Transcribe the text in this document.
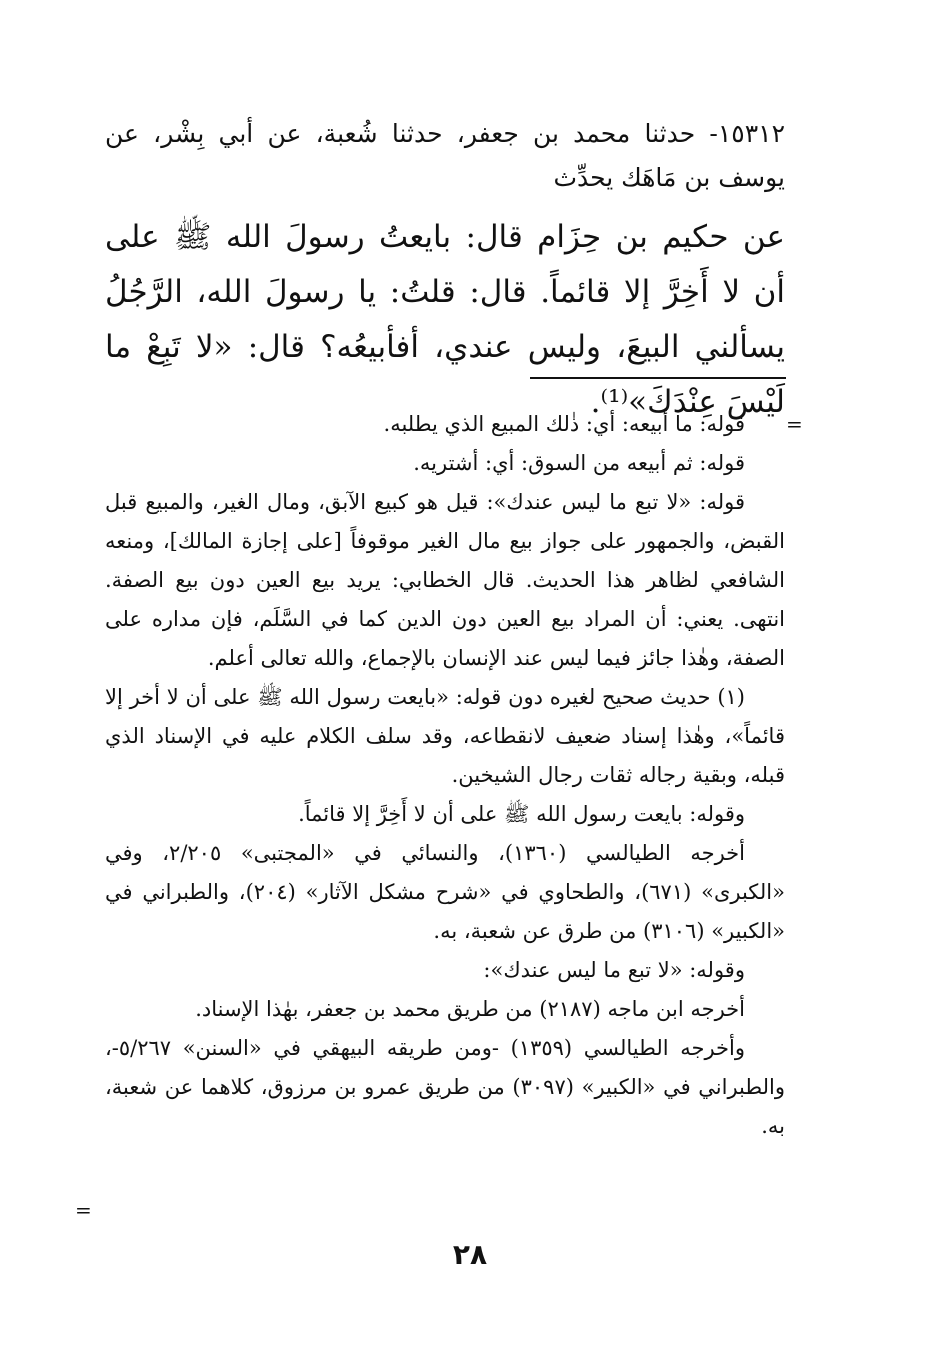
١٥٣١٢- حدثنا محمد بن جعفر، حدثنا شُعبة، عن أبي بِشْر، عن يوسف بن مَاهَك يحدِّث

عن حكيم بن حِزَام قال: بايعتُ رسولَ الله ﷺ على أن لا أَخِرَّ إلا قائماً. قال: قلتُ: يا رسولَ الله، الرَّجُلُ يسألني البيعَ، وليس عندي، أفأبيعُه؟ قال: «لا تَبِعْ ما لَيْسَ عِنْدَكَ»⁽¹⁾.

=

قوله: ما أبيعه: أي: ذٰلك المبيع الذي يطلبه.

قوله: ثم أبيعه من السوق: أي: أشتريه.

قوله: «لا تبع ما ليس عندك»: قيل هو كبيع الآبق، ومال الغير، والمبيع قبل القبض، والجمهور على جواز بيع مال الغير موقوفاً [على إجازة المالك]، ومنعه الشافعي لظاهر هذا الحديث. قال الخطابي: يريد بيع العين دون بيع الصفة. انتهى. يعني: أن المراد بيع العين دون الدين كما في السَّلَم، فإن مداره على الصفة، وهٰذا جائز فيما ليس عند الإنسان بالإجماع، والله تعالى أعلم.

(١) حديث صحيح لغيره دون قوله: «بايعت رسول الله ﷺ على أن لا أخر إلا قائماً»، وهٰذا إسناد ضعيف لانقطاعه، وقد سلف الكلام عليه في الإسناد الذي قبله، وبقية رجاله ثقات رجال الشيخين.

وقوله: بايعت رسول الله ﷺ على أن لا أَخِرَّ إلا قائماً.

أخرجه الطيالسي (١٣٦٠)، والنسائي في «المجتبى» ٢/٢٠٥، وفي «الكبرى» (٦٧١)، والطحاوي في «شرح مشكل الآثار» (٢٠٤)، والطبراني في «الكبير» (٣١٠٦) من طرق عن شعبة، به.

وقوله: «لا تبع ما ليس عندك»:

أخرجه ابن ماجه (٢١٨٧) من طريق محمد بن جعفر، بهٰذا الإسناد.

وأخرجه الطيالسي (١٣٥٩) -ومن طريقه البيهقي في «السنن» ٥/٢٦٧-، والطبراني في «الكبير» (٣٠٩٧) من طريق عمرو بن مرزوق، كلاهما عن شعبة، به.

=
٢٨
